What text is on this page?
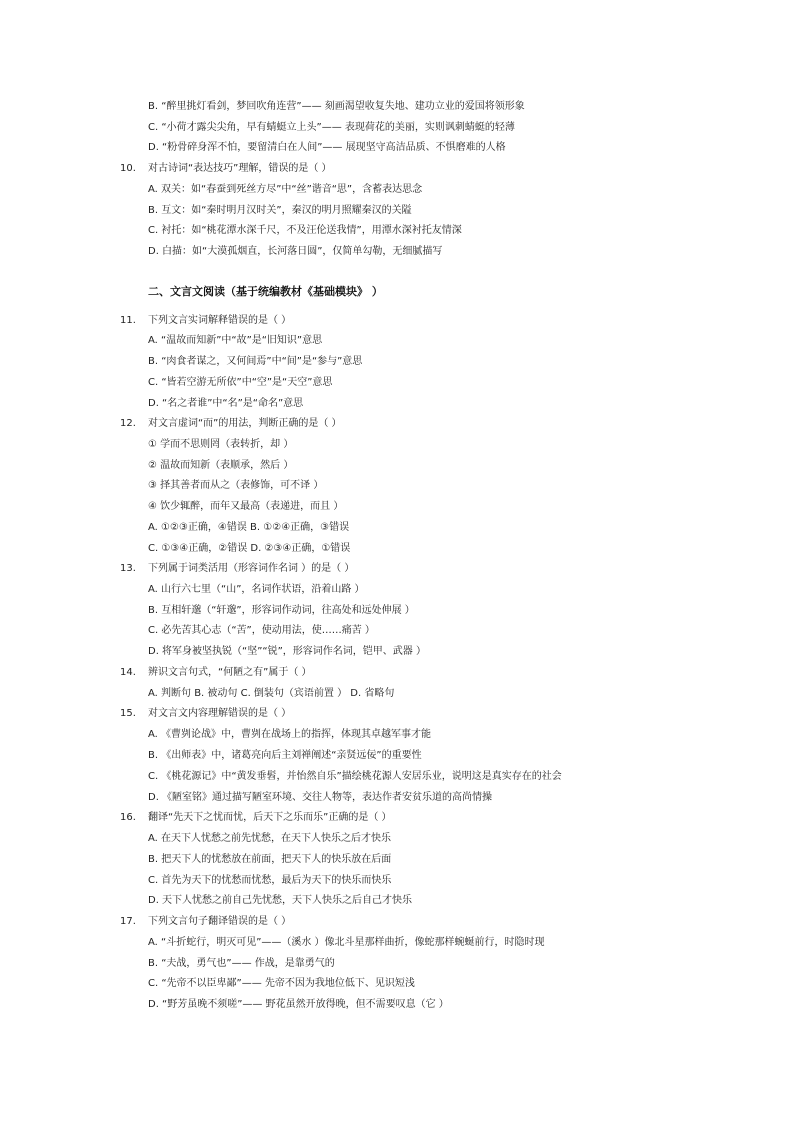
B. “醉里挑灯看剑，梦回吹角连营”—— 刻画渴望收复失地、建功立业的爱国将领形象
C. “小荷才露尖尖角，早有蜻蜓立上头”—— 表现荷花的美丽，实则讽刺蜻蜓的轻薄
D. “粉骨碎身浑不怕，要留清白在人间”—— 展现坚守高洁品质、不惧磨难的人格
10. 对古诗词“表达技巧”理解，错误的是（ ）
A. 双关：如“春蚕到死丝方尽”中“丝”谐音“思”，含蓄表达思念
B. 互文：如“秦时明月汉时关”，秦汉的明月照耀秦汉的关隘
C. 衬托：如“桃花潭水深千尺，不及汪伦送我情”，用潭水深衬托友情深
D. 白描：如“大漠孤烟直，长河落日圆”，仅简单勾勒，无细腻描写
二、文言文阅读（基于统编教材《基础模块》 ）
11. 下列文言实词解释错误的是（ ）
A. “温故而知新”中“故”是“旧知识”意思
B. “肉食者谋之，又何间焉”中“间”是“参与”意思
C. “皆若空游无所依”中“空”是“天空”意思
D. “名之者谁”中“名”是“命名”意思
12. 对文言虚词“而”的用法，判断正确的是（ ）
① 学而不思则罔（表转折，却 ）
② 温故而知新（表顺承，然后 ）
③ 择其善者而从之（表修饰，可不译 ）
④ 饮少辄醉，而年又最高（表递进，而且 ）
A. ①②③正确，④错误 B. ①②④正确，③错误
C. ①③④正确，②错误 D. ②③④正确，①错误
13. 下列属于词类活用（形容词作名词 ）的是（ ）
A. 山行六七里（“山”，名词作状语，沿着山路 ）
B. 互相轩邈（“轩邈”，形容词作动词，往高处和远处伸展 ）
C. 必先苦其心志（“苦”，使动用法，使……痛苦 ）
D. 将军身被坚执锐（“坚”“锐”，形容词作名词，铠甲、武器 ）
14. 辨识文言句式，“何陋之有”属于（ ）
A. 判断句 B. 被动句 C. 倒装句（宾语前置 ） D. 省略句
15. 对文言文内容理解错误的是（ ）
A. 《曹刿论战》中，曹刿在战场上的指挥，体现其卓越军事才能
B. 《出师表》中，诸葛亮向后主刘禅阐述“亲贤远佞”的重要性
C. 《桃花源记》中“黄发垂髫，并怡然自乐”描绘桃花源人安居乐业，说明这是真实存在的社会
D. 《陋室铭》通过描写陋室环境、交往人物等，表达作者安贫乐道的高尚情操
16. 翻译“先天下之忧而忧，后天下之乐而乐”正确的是（ ）
A. 在天下人忧愁之前先忧愁，在天下人快乐之后才快乐
B. 把天下人的忧愁放在前面，把天下人的快乐放在后面
C. 首先为天下的忧愁而忧愁，最后为天下的快乐而快乐
D. 天下人忧愁之前自己先忧愁，天下人快乐之后自己才快乐
17. 下列文言句子翻译错误的是（ ）
A. “斗折蛇行，明灭可见”——（溪水 ）像北斗星那样曲折，像蛇那样蜿蜒前行，时隐时现
B. “夫战，勇气也”—— 作战，是靠勇气的
C. “先帝不以臣卑鄙”—— 先帝不因为我地位低下、见识短浅
D. “野芳虽晚不须嗟”—— 野花虽然开放得晚，但不需要叹息（它 ）
